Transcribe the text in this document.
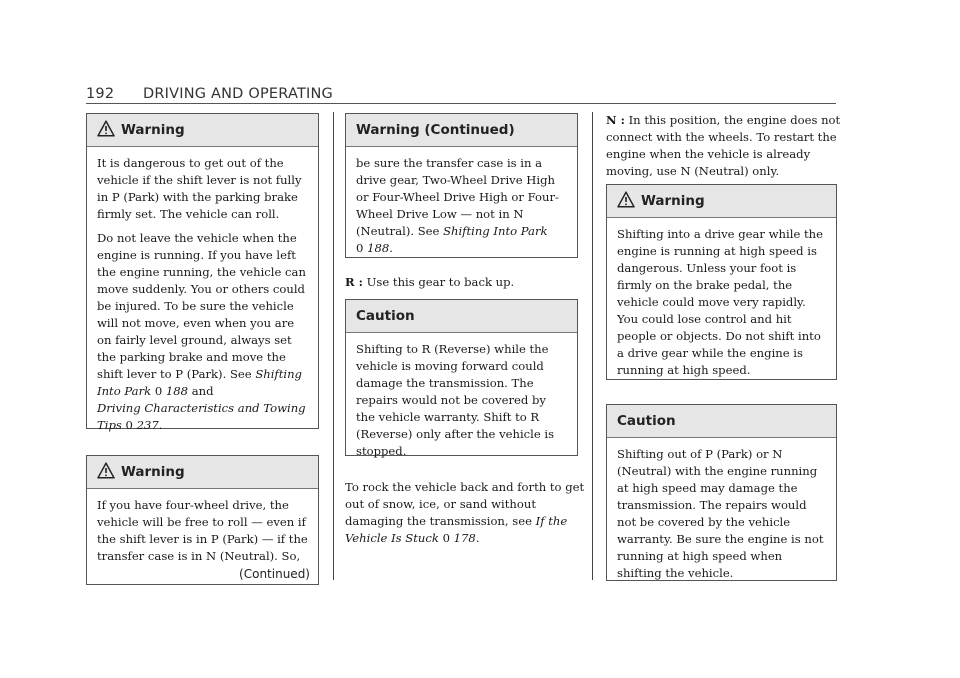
192 DRIVING AND OPERATING
Warning

It is dangerous to get out of the vehicle if the shift lever is not fully in P (Park) with the parking brake firmly set. The vehicle can roll.

Do not leave the vehicle when the engine is running. If you have left the engine running, the vehicle can move suddenly. You or others could be injured. To be sure the vehicle will not move, even when you are on fairly level ground, always set the parking brake and move the shift lever to P (Park). See Shifting Into Park 0 188 and
Driving Characteristics and Towing Tips 0 237.

Warning

If you have four-wheel drive, the vehicle will be free to roll — even if the shift lever is in P (Park) — if the transfer case is in N (Neutral). So,

(Continued)
Warning (Continued)

be sure the transfer case is in a drive gear, Two-Wheel Drive High or Four-Wheel Drive High or Four-Wheel Drive Low — not in N (Neutral). See Shifting Into Park
0 188.

R : Use this gear to back up.
Caution

Shifting to R (Reverse) while the vehicle is moving forward could damage the transmission. The repairs would not be covered by the vehicle warranty. Shift to R (Reverse) only after the vehicle is stopped.

To rock the vehicle back and forth to get out of snow, ice, or sand without damaging the transmission, see If the Vehicle Is Stuck 0 178.
N : In this position, the engine does not connect with the wheels. To restart the engine when the vehicle is already moving, use N (Neutral) only.
Warning

Shifting into a drive gear while the engine is running at high speed is dangerous. Unless your foot is firmly on the brake pedal, the vehicle could move very rapidly. You could lose control and hit people or objects. Do not shift into a drive gear while the engine is running at high speed.

Caution

Shifting out of P (Park) or N (Neutral) with the engine running at high speed may damage the transmission. The repairs would not be covered by the vehicle warranty. Be sure the engine is not running at high speed when shifting the vehicle.
